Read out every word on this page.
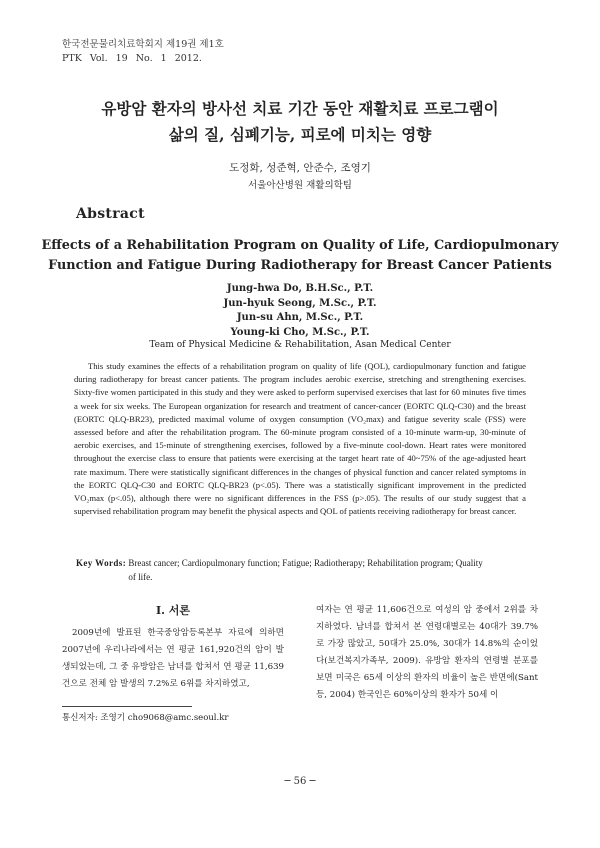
한국전문물리치료학회지 제19권 제1호
PTK Vol. 19 No. 1 2012.
유방암 환자의 방사선 치료 기간 동안 재활치료 프로그램이
삶의 질, 심폐기능, 피로에 미치는 영향
도정화, 성준혁, 안준수, 조영기
서울아산병원 재활의학팀
Abstract
Effects of a Rehabilitation Program on Quality of Life, Cardiopulmonary
Function and Fatigue During Radiotherapy for Breast Cancer Patients
Jung-hwa Do, B.H.Sc., P.T.
Jun-hyuk Seong, M.Sc., P.T.
Jun-su Ahn, M.Sc., P.T.
Young-ki Cho, M.Sc., P.T.
Team of Physical Medicine & Rehabilitation, Asan Medical Center
This study examines the effects of a rehabilitation program on quality of life (QOL), cardiopulmonary function and fatigue during radiotherapy for breast cancer patients. The program includes aerobic exercise, stretching and strengthening exercises. Sixty-five women participated in this study and they were asked to perform supervised exercises that last for 60 minutes five times a week for six weeks. The European organization for research and treatment of cancer-cancer (EORTC QLQ-C30) and the breast (EORTC QLQ-BR23), predicted maximal volume of oxygen consumption (VO₂max) and fatigue severity scale (FSS) were assessed before and after the rehabilitation program. The 60-minute program consisted of a 10-minute warm-up, 30-minute of aerobic exercises, and 15-minute of strengthening exercises, followed by a five-minute cool-down. Heart rates were monitored throughout the exercise class to ensure that patients were exercising at the target heart rate of 40~75% of the age-adjusted heart rate maximum. There were statistically significant differences in the changes of physical function and cancer related symptoms in the EORTC QLQ-C30 and EORTC QLQ-BR23 (p<.05). There was a statistically significant improvement in the predicted VO₂max (p<.05), although there were no significant differences in the FSS (p>.05). The results of our study suggest that a supervised rehabilitation program may benefit the physical aspects and QOL of patients receiving radiotherapy for breast cancer.
Key Words: Breast cancer; Cardiopulmonary function; Fatigue; Radiotherapy; Rehabilitation program; Quality of life.
Ⅰ. 서론
2009년에 발표된 한국중앙암등록본부 자료에 의하면 2007년에 우리나라에서는 연 평균 161,920건의 암이 발생되었는데, 그 중 유방암은 남녀를 합쳐서 연 평균 11,639건으로 전체 암 발생의 7.2%로 6위를 차지하였고,
여자는 연 평균 11,606건으로 여성의 암 중에서 2위를 차지하였다. 남녀를 합쳐서 본 연령대별로는 40대가 39.7%로 가장 많았고, 50대가 25.0%, 30대가 14.8%의 순이었다(보건복지가족부, 2009). 유방암 환자의 연령별 분포를 보면 미국은 65세 이상의 환자의 비율이 높은 반면에(Sant 등, 2004) 한국인은 60%이상의 환자가 50세 이
통신저자: 조영기 cho9068@amc.seoul.kr
─ 56 ─
